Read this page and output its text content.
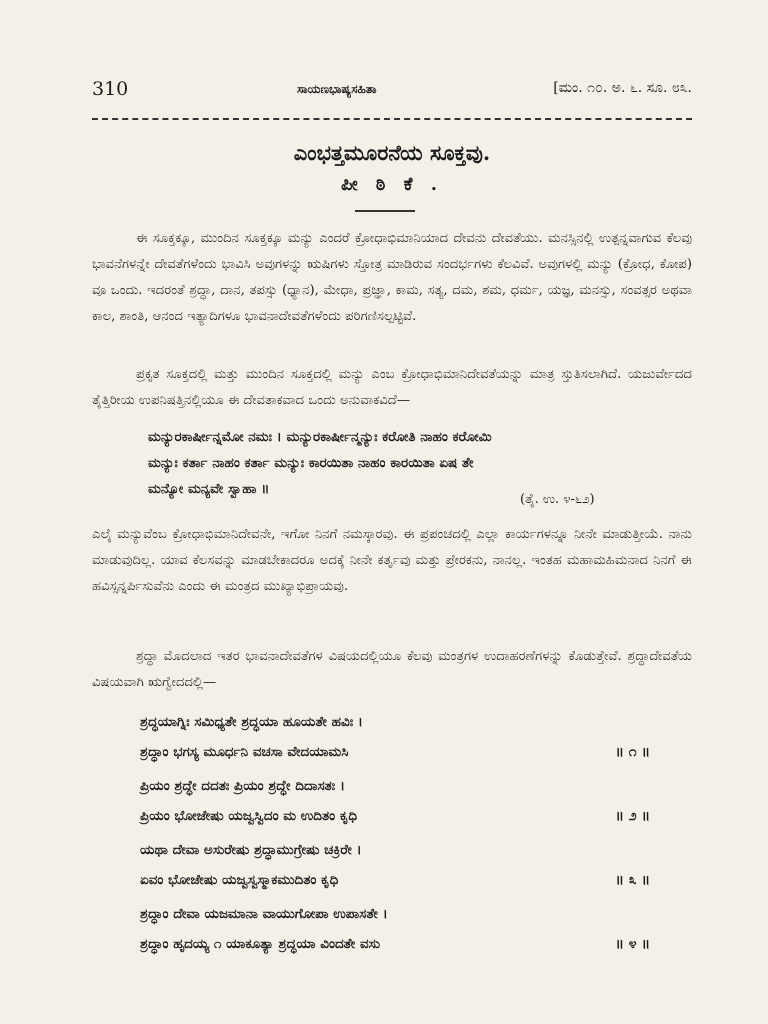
310	ಸಾಯಣಭಾಷ್ಯಸಹಿತಾ	[ಮಂ. ೧೦. ಅ. ೬. ಸೂ. ೮೩.
ಎಂಭತ್ತಮೂರನೆಯ ಸೂಕ್ತವು.
ಪೀ ಠಿ ಕೆ .

ಈ ಸೂಕ್ತಕ್ಕೂ, ಮುಂದಿನ ಸೂಕ್ತಕ್ಕೂ ಮನ್ಯು ಎಂದರೆ ಕ್ರೋಧಾಭಿಮಾನಿಯಾದ ದೇವನು ದೇವತೆಯು. ಮನಸ್ಸಿನಲ್ಲಿ ಉತ್ಪನ್ನವಾಗುವ ಕೆಲವು ಭಾವನೆಗಳನ್ನೇ ದೇವತೆಗಳೆಂದು ಭಾವಿಸಿ ಅವುಗಳನ್ನು ಋಷಿಗಳು ಸ್ತೋತ್ರ ಮಾಡಿರುವ ಸಂದರ್ಭಗಳು ಕೆಲವಿವೆ. ಅವುಗಳಲ್ಲಿ ಮನ್ಯು (ಕ್ರೋಧ, ಕೋಪ) ವೂ ಒಂದು. ಇದರಂತೆ ಶ್ರದ್ಧಾ, ದಾನ, ತಪಸ್ಸು (ಧ್ಯಾನ), ಮೇಧಾ, ಪ್ರಜ್ಞಾ, ಕಾಮ, ಸತ್ಯ, ದಮ, ಶಮ, ಧರ್ಮ, ಯಜ್ಞ, ಮನಸ್ಸು, ಸಂವತ್ಸರ ಅಥವಾ ಕಾಲ, ಶಾಂತಿ, ಆನಂದ ಇತ್ಯಾದಿಗಳೂ ಭಾವನಾದೇವತೆಗಳೆಂದು ಪರಿಗಣಿಸಲ್ಪಟ್ಟಿವೆ.

ಪ್ರಕೃತ ಸೂಕ್ತದಲ್ಲಿ ಮತ್ತು ಮುಂದಿನ ಸೂಕ್ತದಲ್ಲಿ ಮನ್ಯು ಎಂಬ ಕ್ರೋಧಾಭಿಮಾನಿದೇವತೆಯನ್ನು ಮಾತ್ರ ಸ್ತುತಿಸಲಾಗಿದೆ. ಯಜುರ್ವೇದದ ತೈತ್ತಿರೀಯ ಉಪನಿಷತ್ತಿನಲ್ಲಿಯೂ ಈ ದೇವತಾಕವಾದ ಒಂದು ಅನುವಾಕವಿದೆ—

ಮನ್ಯುರಕಾರ್ಷೀನ್ನಮೋ ನಮಃ । ಮನ್ಯುರಕಾರ್ಷೀನ್ಮನ್ಯುಃ ಕರೋತಿ ನಾಹಂ ಕರೋಮಿ
ಮನ್ಯುಃ ಕರ್ತಾ ನಾಹಂ ಕರ್ತಾ ಮನ್ಯುಃ ಕಾರಯಿತಾ ನಾಹಂ ಕಾರಯಿತಾ ಏಷ ತೇ
ಮನ್ಯೋ ಮನ್ಯವೇ ಸ್ವಾಹಾ ॥
(ತೈ. ಉ. ೪-೬೨)

ಎಲೈ ಮನ್ಯುವೆಂಬ ಕ್ರೋಧಾಭಿಮಾನಿದೇವನೇ, ಇಗೋ ನಿನಗೆ ನಮಸ್ಕಾರವು. ಈ ಪ್ರಪಂಚದಲ್ಲಿ ಎಲ್ಲಾ ಕಾರ್ಯಗಳನ್ನೂ ನೀನೇ ಮಾಡುತ್ತೀಯೆ. ನಾನು ಮಾಡುವುದಿಲ್ಲ. ಯಾವ ಕೆಲಸವನ್ನು ಮಾಡಬೇಕಾದರೂ ಅದಕ್ಕೆ ನೀನೇ ಕರ್ತೃವು ಮತ್ತು ಪ್ರೇರಕನು, ನಾನಲ್ಲ. ಇಂತಹ ಮಹಾಮಹಿಮನಾದ ನಿನಗೆ ಈ ಹವಿಸ್ಸನ್ನರ್ಪಿಸುವೆನು ಎಂದು ಈ ಮಂತ್ರದ ಮುಖ್ಯಾಭಿಪ್ರಾಯವು.

ಶ್ರದ್ಧಾ ಮೊದಲಾದ ಇತರ ಭಾವನಾದೇವತೆಗಳ ವಿಷಯದಲ್ಲಿಯೂ ಕೆಲವು ಮಂತ್ರಗಳ ಉದಾಹರಣೆಗಳನ್ನು ಕೊಡುತ್ತೇವೆ. ಶ್ರದ್ಧಾದೇವತೆಯ ವಿಷಯವಾಗಿ ಋಗ್ವೇದದಲ್ಲಿ—

ಶ್ರದ್ಧಯಾಗ್ನಿಃ ಸಮಿಧ್ಯತೇ ಶ್ರದ್ಧಯಾ ಹೂಯತೇ ಹವಿಃ ।
ಶ್ರದ್ಧಾಂ ಭಗಸ್ಯ ಮೂರ್ಧನಿ ವಚಸಾ ವೇದಯಾಮಸಿ	॥ ೧ ॥
ಪ್ರಿಯಂ ಶ್ರದ್ಧೇ ದದತಃ ಪ್ರಿಯಂ ಶ್ರದ್ಧೇ ದಿದಾಸತಃ ।
ಪ್ರಿಯಂ ಭೋಜೇಷು ಯಜ್ವಸ್ವಿದಂ ಮ ಉದಿತಂ ಕೃಧಿ	॥ ೨ ॥
ಯಥಾ ದೇವಾ ಅಸುರೇಷು ಶ್ರದ್ಧಾಮುಗ್ರೇಷು ಚಕ್ರಿರೇ ।
ಏವಂ ಭೋಜೇಷು ಯಜ್ವಸ್ವಸ್ಮಾಕಮುದಿತಂ ಕೃಧಿ	॥ ೩ ॥
ಶ್ರದ್ಧಾಂ ದೇವಾ ಯಜಮಾನಾ ವಾಯುಗೋಪಾ ಉಪಾಸತೇ ।
ಶ್ರದ್ಧಾಂ ಹೃದಯ್ಯ ೧ ಯಾಕೂತ್ಯಾ ಶ್ರದ್ಧಯಾ ವಿಂದತೇ ವಸು	॥ ೪ ॥
